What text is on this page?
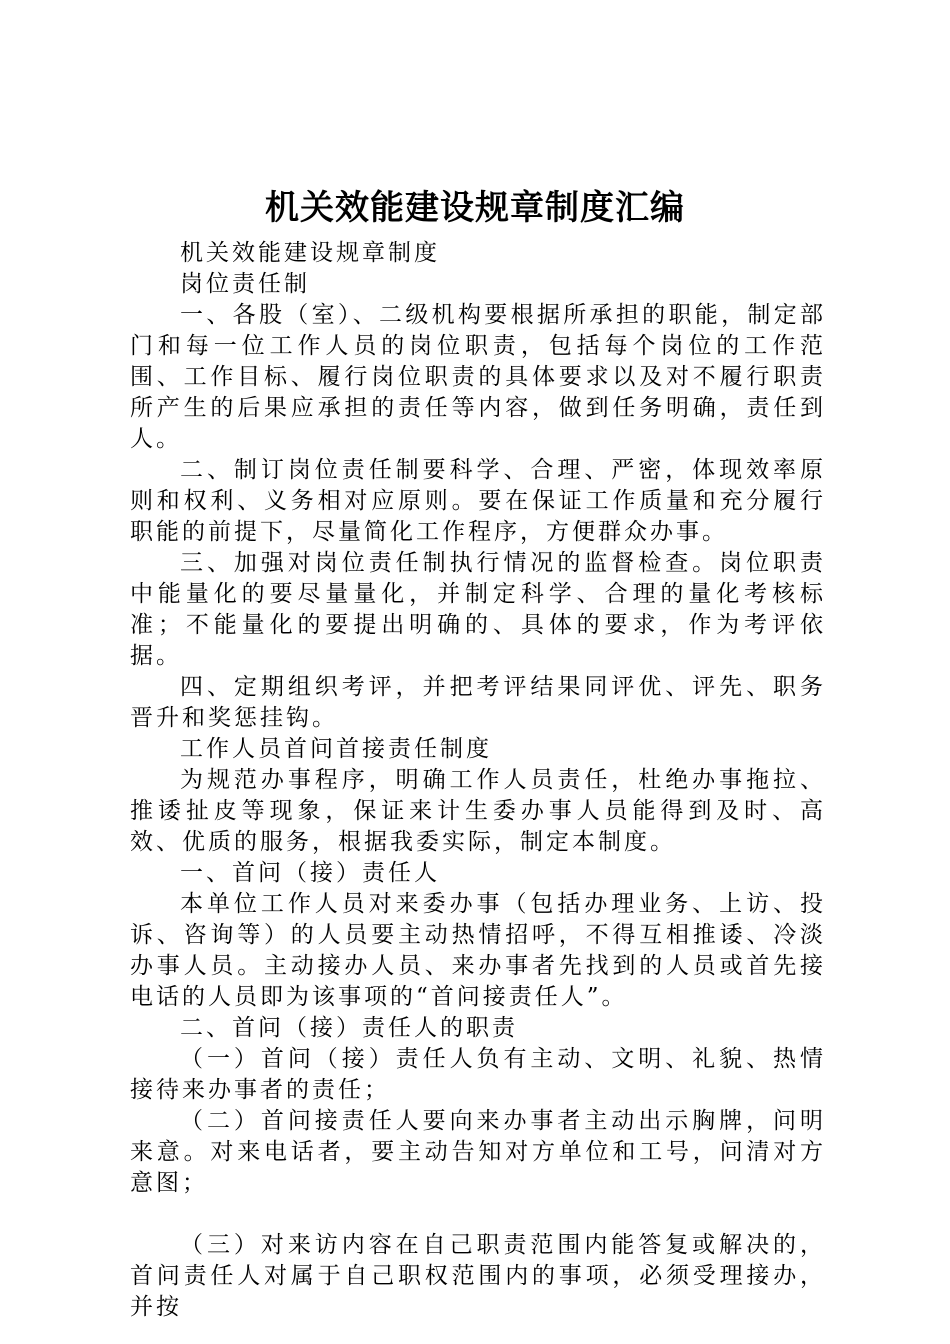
机关效能建设规章制度汇编

机关效能建设规章制度

岗位责任制

一、各股（室）、二级机构要根据所承担的职能，制定部门和每一位工作人员的岗位职责，包括每个岗位的工作范围、工作目标、履行岗位职责的具体要求以及对不履行职责所产生的后果应承担的责任等内容，做到任务明确，责任到人。

二、制订岗位责任制要科学、合理、严密，体现效率原则和权利、义务相对应原则。要在保证工作质量和充分履行职能的前提下，尽量简化工作程序，方便群众办事。

三、加强对岗位责任制执行情况的监督检查。岗位职责中能量化的要尽量量化，并制定科学、合理的量化考核标准；不能量化的要提出明确的、具体的要求，作为考评依据。

四、定期组织考评，并把考评结果同评优、评先、职务晋升和奖惩挂钩。

工作人员首问首接责任制度

为规范办事程序，明确工作人员责任，杜绝办事拖拉、推诿扯皮等现象，保证来计生委办事人员能得到及时、高效、优质的服务，根据我委实际，制定本制度。

一、首问（接）责任人

本单位工作人员对来委办事（包括办理业务、上访、投诉、咨询等）的人员要主动热情招呼，不得互相推诿、冷淡办事人员。主动接办人员、来办事者先找到的人员或首先接电话的人员即为该事项的“首问接责任人”。

二、首问（接）责任人的职责

（一）首问（接）责任人负有主动、文明、礼貌、热情接待来办事者的责任；

（二）首问接责任人要向来办事者主动出示胸牌，问明来意。对来电话者，要主动告知对方单位和工号，问清对方意图；

（三）对来访内容在自己职责范围内能答复或解决的，首问责任人对属于自己职权范围内的事项，必须受理接办，并按
